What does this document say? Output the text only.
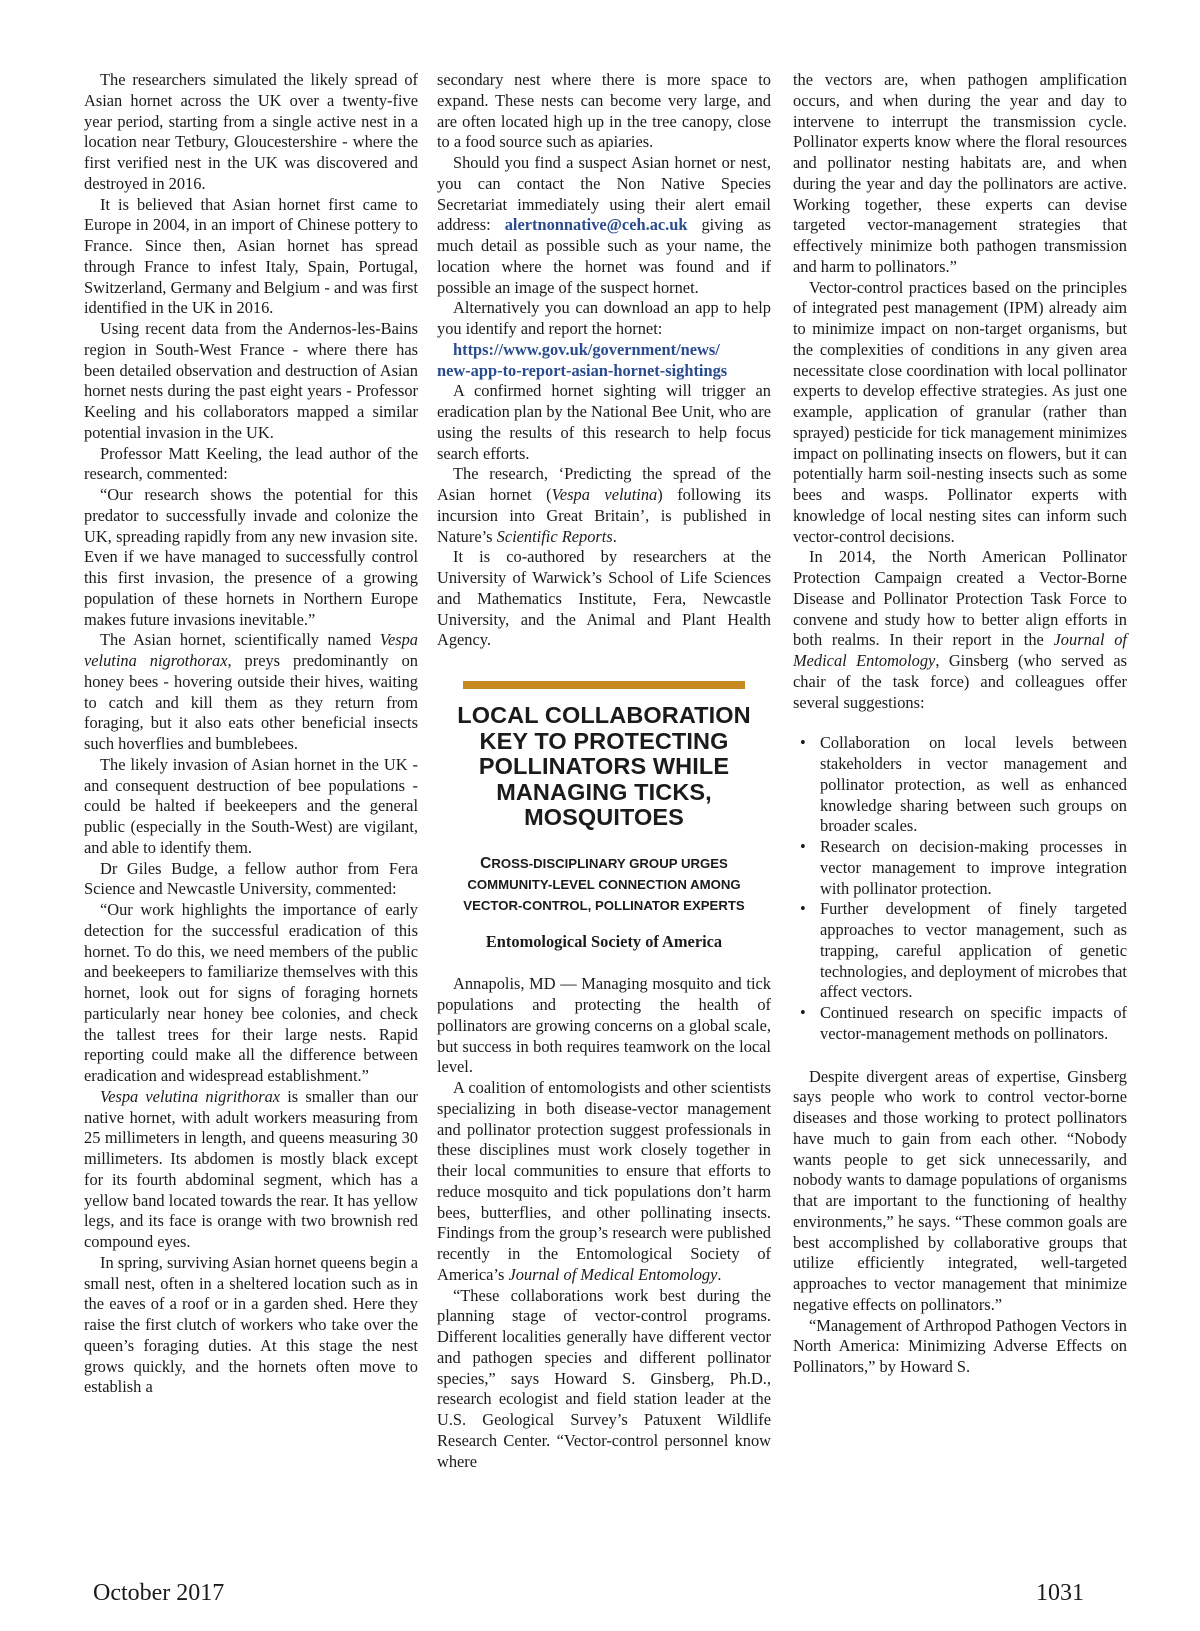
The researchers simulated the likely spread of Asian hornet across the UK over a twenty-five year period, starting from a single active nest in a location near Tetbury, Gloucestershire - where the first verified nest in the UK was discovered and destroyed in 2016.

It is believed that Asian hornet first came to Europe in 2004, in an import of Chinese pottery to France. Since then, Asian hornet has spread through France to infest Italy, Spain, Portugal, Switzerland, Germany and Belgium - and was first identified in the UK in 2016.

Using recent data from the Andernos-les-Bains region in South-West France - where there has been detailed observation and destruction of Asian hornet nests during the past eight years - Professor Keeling and his collaborators mapped a similar potential invasion in the UK.

Professor Matt Keeling, the lead author of the research, commented:

“Our research shows the potential for this predator to successfully invade and colonize the UK, spreading rapidly from any new invasion site. Even if we have managed to successfully control this first invasion, the presence of a growing population of these hornets in Northern Europe makes future invasions inevitable.”

The Asian hornet, scientifically named Vespa velutina nigrothorax, preys predominantly on honey bees - hovering outside their hives, waiting to catch and kill them as they return from foraging, but it also eats other beneficial insects such hoverflies and bumblebees.

The likely invasion of Asian hornet in the UK - and consequent destruction of bee populations - could be halted if beekeepers and the general public (especially in the South-West) are vigilant, and able to identify them.

Dr Giles Budge, a fellow author from Fera Science and Newcastle University, commented:

“Our work highlights the importance of early detection for the successful eradication of this hornet. To do this, we need members of the public and beekeepers to familiarize themselves with this hornet, look out for signs of foraging hornets particularly near honey bee colonies, and check the tallest trees for their large nests. Rapid reporting could make all the difference between eradication and widespread establishment.”

Vespa velutina nigrithorax is smaller than our native hornet, with adult workers measuring from 25 millimeters in length, and queens measuring 30 millimeters. Its abdomen is mostly black except for its fourth abdominal segment, which has a yellow band located towards the rear. It has yellow legs, and its face is orange with two brownish red compound eyes.

In spring, surviving Asian hornet queens begin a small nest, often in a sheltered location such as in the eaves of a roof or in a garden shed. Here they raise the first clutch of workers who take over the queen’s foraging duties. At this stage the nest grows quickly, and the hornets often move to establish a

secondary nest where there is more space to expand. These nests can become very large, and are often located high up in the tree canopy, close to a food source such as apiaries.

Should you find a suspect Asian hornet or nest, you can contact the Non Native Species Secretariat immediately using their alert email address: alertnonnative@ceh.ac.uk giving as much detail as possible such as your name, the location where the hornet was found and if possible an image of the suspect hornet.

Alternatively you can download an app to help you identify and report the hornet:

https://www.gov.uk/government/news/
new-app-to-report-asian-hornet-sightings

A confirmed hornet sighting will trigger an eradication plan by the National Bee Unit, who are using the results of this research to help focus search efforts.

The research, ‘Predicting the spread of the Asian hornet (Vespa velutina) following its incursion into Great Britain’, is published in Nature’s Scientific Reports.

It is co-authored by researchers at the University of Warwick’s School of Life Sciences and Mathematics Institute, Fera, Newcastle University, and the Animal and Plant Health Agency.

LOCAL COLLABORATION
KEY TO PROTECTING
POLLINATORS WHILE
MANAGING TICKS,
MOSQUITOES
CROSS-DISCIPLINARY GROUP URGES
COMMUNITY-LEVEL CONNECTION AMONG
VECTOR-CONTROL, POLLINATOR EXPERTS
Entomological Society of America

Annapolis, MD — Managing mosquito and tick populations and protecting the health of pollinators are growing concerns on a global scale, but success in both requires teamwork on the local level.

A coalition of entomologists and other scientists specializing in both disease-vector management and pollinator protection suggest professionals in these disciplines must work closely together in their local communities to ensure that efforts to reduce mosquito and tick populations don’t harm bees, butterflies, and other pollinating insects. Findings from the group’s research were published recently in the Entomological Society of America’s Journal of Medical Entomology.

“These collaborations work best during the planning stage of vector-control programs. Different localities generally have different vector and pathogen species and different pollinator species,” says Howard S. Ginsberg, Ph.D., research ecologist and field station leader at the U.S. Geological Survey’s Patuxent Wildlife Research Center. “Vector-control personnel know where

the vectors are, when pathogen amplification occurs, and when during the year and day to intervene to interrupt the transmission cycle. Pollinator experts know where the floral resources and pollinator nesting habitats are, and when during the year and day the pollinators are active. Working together, these experts can devise targeted vector-management strategies that effectively minimize both pathogen transmission and harm to pollinators.”

Vector-control practices based on the principles of integrated pest management (IPM) already aim to minimize impact on non-target organisms, but the complexities of conditions in any given area necessitate close coordination with local pollinator experts to develop effective strategies. As just one example, application of granular (rather than sprayed) pesticide for tick management minimizes impact on pollinating insects on flowers, but it can potentially harm soil-nesting insects such as some bees and wasps. Pollinator experts with knowledge of local nesting sites can inform such vector-control decisions.

In 2014, the North American Pollinator Protection Campaign created a Vector-Borne Disease and Pollinator Protection Task Force to convene and study how to better align efforts in both realms. In their report in the Journal of Medical Entomology, Ginsberg (who served as chair of the task force) and colleagues offer several suggestions:

• Collaboration on local levels between stakeholders in vector management and pollinator protection, as well as enhanced knowledge sharing between such groups on broader scales.
• Research on decision-making processes in vector management to improve integration with pollinator protection.
• Further development of finely targeted approaches to vector management, such as trapping, careful application of genetic technologies, and deployment of microbes that affect vectors.
• Continued research on specific impacts of vector-management methods on pollinators.

Despite divergent areas of expertise, Ginsberg says people who work to control vector-borne diseases and those working to protect pollinators have much to gain from each other. “Nobody wants people to get sick unnecessarily, and nobody wants to damage populations of organisms that are important to the functioning of healthy environments,” he says. “These common goals are best accomplished by collaborative groups that utilize efficiently integrated, well-targeted approaches to vector management that minimize negative effects on pollinators.”

“Management of Arthropod Pathogen Vectors in North America: Minimizing Adverse Effects on Pollinators,” by Howard S.

October 2017	1031
